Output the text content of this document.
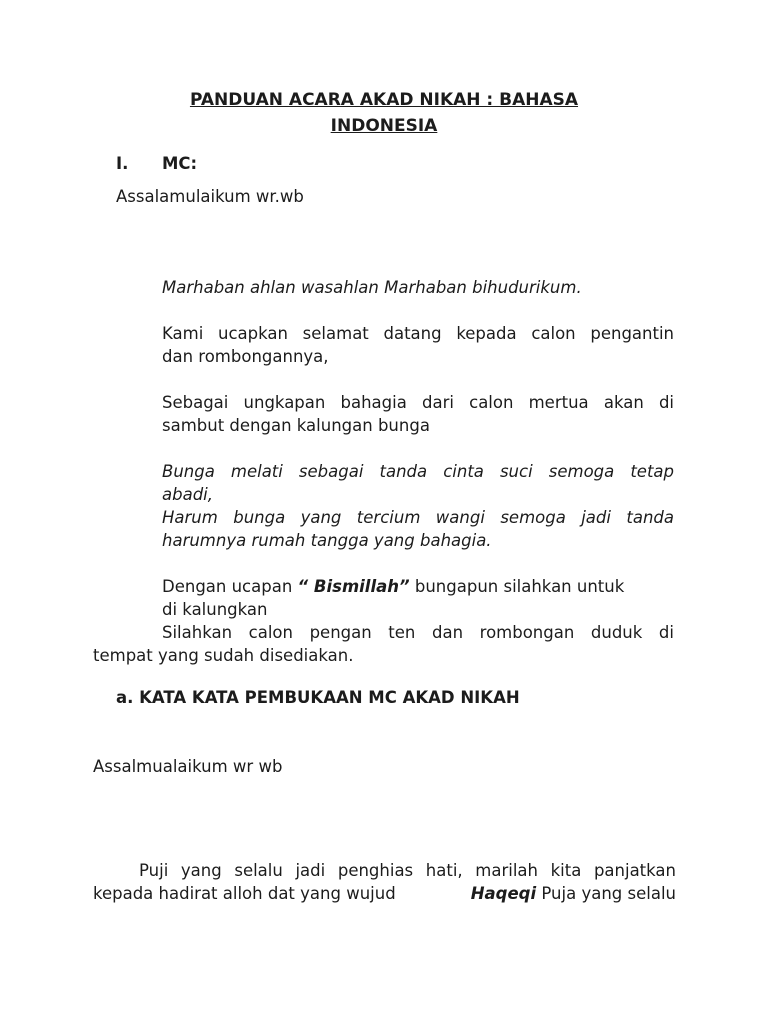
PANDUAN ACARA AKAD NIKAH : BAHASA
INDONESIA
I. MC:
Assalamulaikum wr.wb
Marhaban ahlan wasahlan Marhaban bihudurikum.
Kami ucapkan selamat datang kepada calon pengantin
dan rombongannya,
Sebagai ungkapan bahagia dari calon mertua akan di
sambut dengan kalungan bunga
Bunga melati sebagai tanda cinta suci semoga tetap
abadi,
Harum bunga yang tercium wangi semoga jadi tanda
harumnya rumah tangga yang bahagia.
Dengan ucapan “ Bismillah” bungapun silahkan untuk
di kalungkan
Silahkan calon pengan ten dan rombongan duduk di
tempat yang sudah disediakan.
a. KATA KATA PEMBUKAAN MC AKAD NIKAH
Assalmualaikum wr wb
Puji yang selalu jadi penghias hati, marilah kita panjatkan
kepada hadirat alloh dat yang wujud	Haqeqi Puja yang selalu
